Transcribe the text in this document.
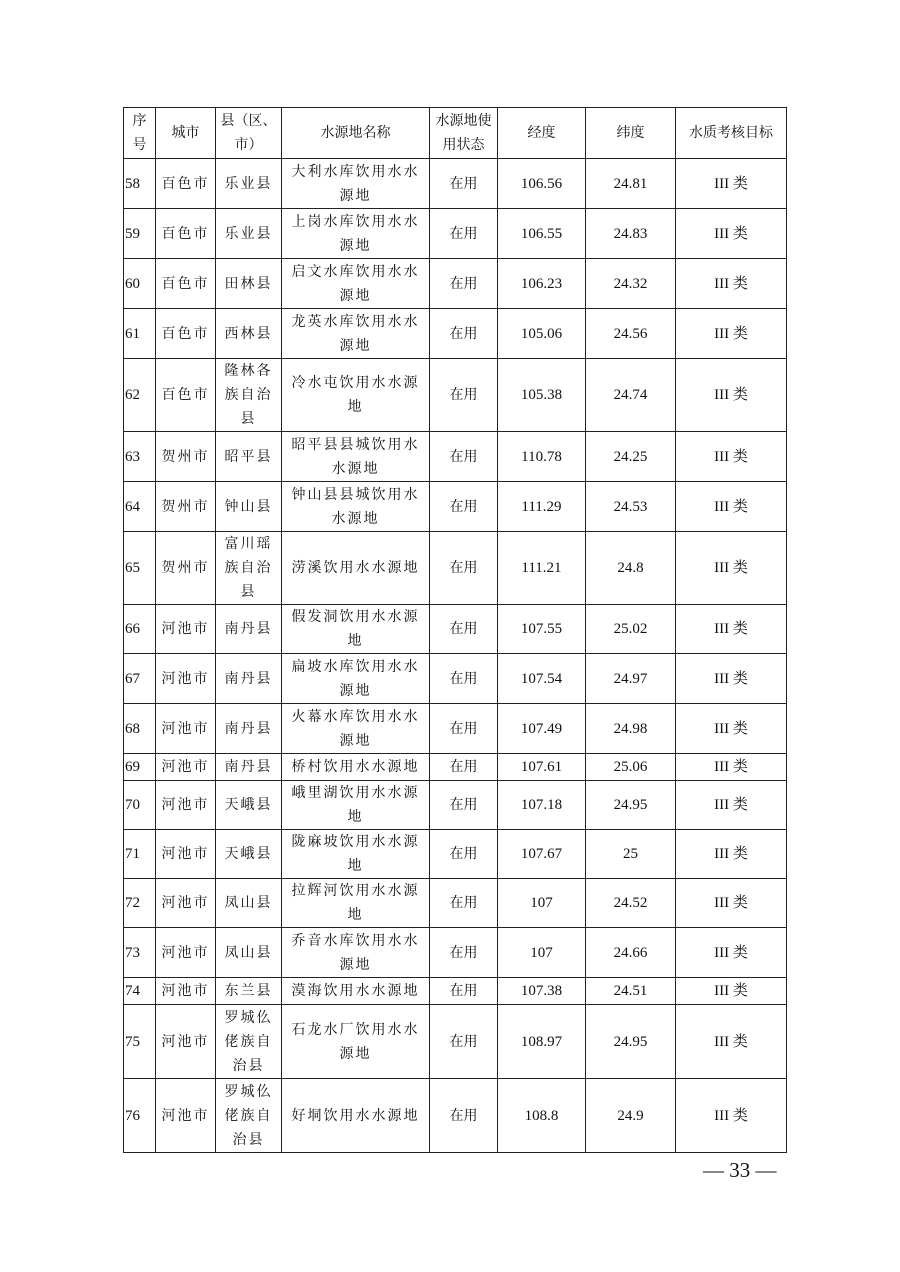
序号	城市	县（区、市）	水源地名称	水源地使用状态	经度	纬度	水质考核目标
58	百色市	乐业县	大利水库饮用水水源地	在用	106.56	24.81	III 类
59	百色市	乐业县	上岗水库饮用水水源地	在用	106.55	24.83	III 类
60	百色市	田林县	启文水库饮用水水源地	在用	106.23	24.32	III 类
61	百色市	西林县	龙英水库饮用水水源地	在用	105.06	24.56	III 类
62	百色市	隆林各族自治县	冷水屯饮用水水源地	在用	105.38	24.74	III 类
63	贺州市	昭平县	昭平县县城饮用水水源地	在用	110.78	24.25	III 类
64	贺州市	钟山县	钟山县县城饮用水水源地	在用	111.29	24.53	III 类
65	贺州市	富川瑶族自治县	涝溪饮用水水源地	在用	111.21	24.8	III 类
66	河池市	南丹县	假发洞饮用水水源地	在用	107.55	25.02	III 类
67	河池市	南丹县	扁坡水库饮用水水源地	在用	107.54	24.97	III 类
68	河池市	南丹县	火幕水库饮用水水源地	在用	107.49	24.98	III 类
69	河池市	南丹县	桥村饮用水水源地	在用	107.61	25.06	III 类
70	河池市	天峨县	峨里湖饮用水水源地	在用	107.18	24.95	III 类
71	河池市	天峨县	陇麻坡饮用水水源地	在用	107.67	25	III 类
72	河池市	凤山县	拉辉河饮用水水源地	在用	107	24.52	III 类
73	河池市	凤山县	乔音水库饮用水水源地	在用	107	24.66	III 类
74	河池市	东兰县	漠海饮用水水源地	在用	107.38	24.51	III 类
75	河池市	罗城仫佬族自治县	石龙水厂饮用水水源地	在用	108.97	24.95	III 类
76	河池市	罗城仫佬族自治县	好垌饮用水水源地	在用	108.8	24.9	III 类
— 33 —
